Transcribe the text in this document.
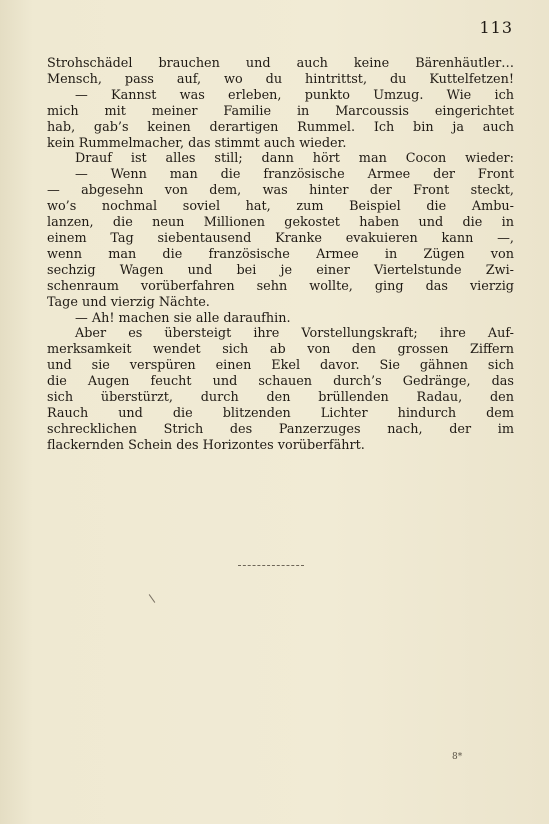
113
Strohschädel brauchen und auch keine Bärenhäutler…
Mensch, pass auf, wo du hintrittst, du Kuttelfetzen!
— Kannst was erleben, punkto Umzug. Wie ich
mich mit meiner Familie in Marcoussis eingerichtet
hab, gab’s keinen derartigen Rummel. Ich bin ja auch
kein Rummelmacher, das stimmt auch wieder.
Drauf ist alles still; dann hört man Cocon wieder:
— Wenn man die französische Armee der Front
— abgesehn von dem, was hinter der Front steckt,
wo’s nochmal soviel hat, zum Beispiel die Ambu-
lanzen, die neun Millionen gekostet haben und die in
einem Tag siebentausend Kranke evakuieren kann —,
wenn man die französische Armee in Zügen von
sechzig Wagen und bei je einer Viertelstunde Zwi-
schenraum vorüberfahren sehn wollte, ging das vierzig
Tage und vierzig Nächte.
— Ah! machen sie alle daraufhin.
Aber es übersteigt ihre Vorstellungskraft; ihre Auf-
merksamkeit wendet sich ab von den grossen Ziffern
und sie verspüren einen Ekel davor. Sie gähnen sich
die Augen feucht und schauen durch’s Gedränge, das
sich überstürzt, durch den brüllenden Radau, den
Rauch und die blitzenden Lichter hindurch dem
schrecklichen Strich des Panzerzuges nach, der im
flackernden Schein des Horizontes vorüberfährt.
8*
